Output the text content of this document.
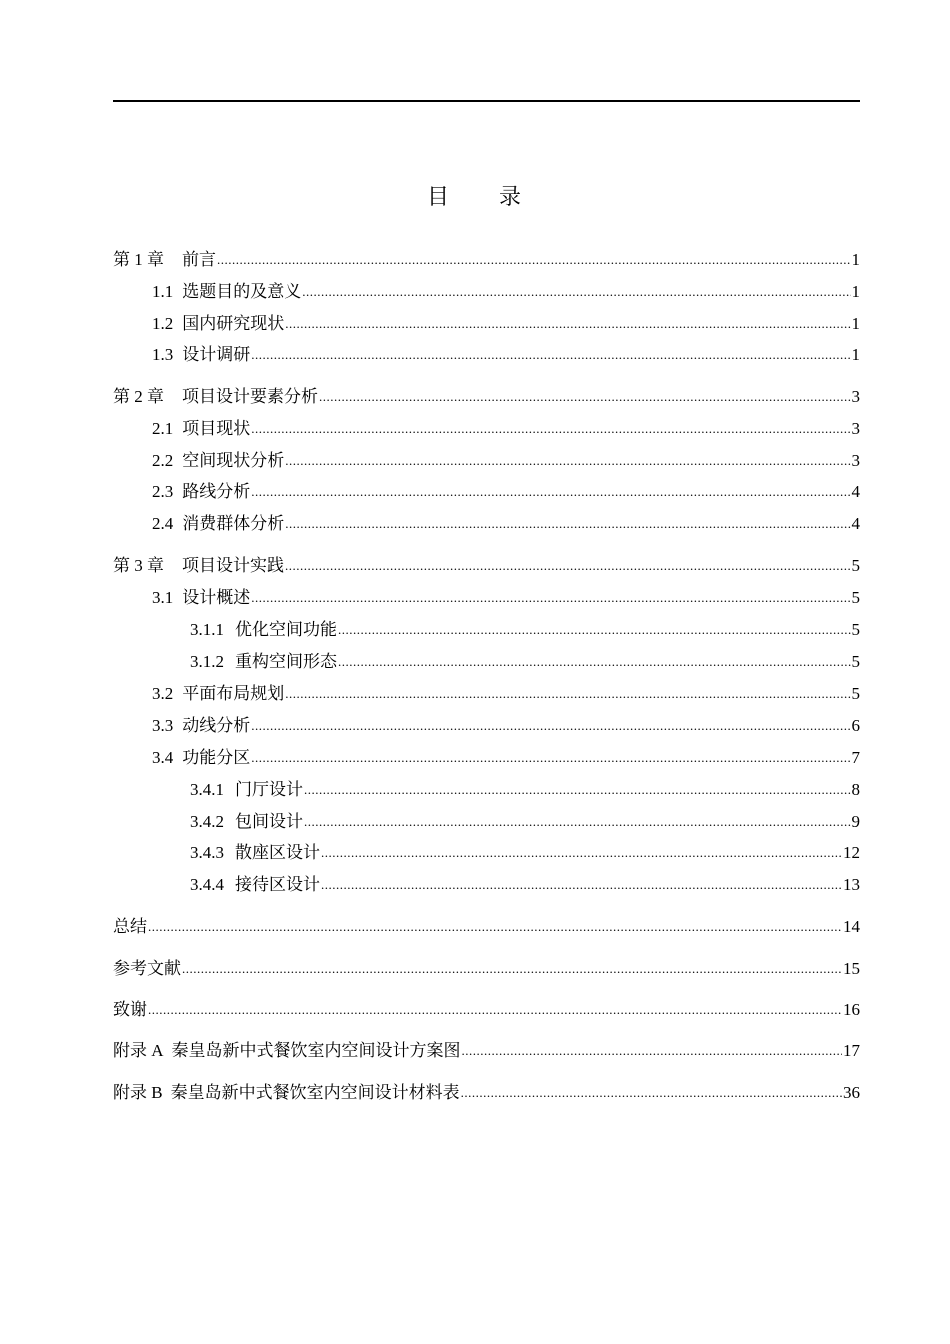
目 录
第 1 章 前言 .....	1
1.1 选题目的及意义 .....	1
1.2 国内研究现状 .....	1
1.3 设计调研 .....	1
第 2 章 项目设计要素分析 .....	3
2.1 项目现状 .....	3
2.2 空间现状分析 .....	3
2.3 路线分析 .....	4
2.4 消费群体分析 .....	4
第 3 章 项目设计实践 .....	5
3.1 设计概述 .....	5
3.1.1 优化空间功能 .....	5
3.1.2 重构空间形态 .....	5
3.2 平面布局规划 .....	5
3.3 动线分析 .....	6
3.4 功能分区 .....	7
3.4.1 门厅设计 .....	8
3.4.2 包间设计 .....	9
3.4.3 散座区设计 .....	12
3.4.4 接待区设计 .....	13
总结 .....	14
参考文献 .....	15
致谢 .....	16
附录 A 秦皇岛新中式餐饮室内空间设计方案图 .....	17
附录 B 秦皇岛新中式餐饮室内空间设计材料表 .....	36
